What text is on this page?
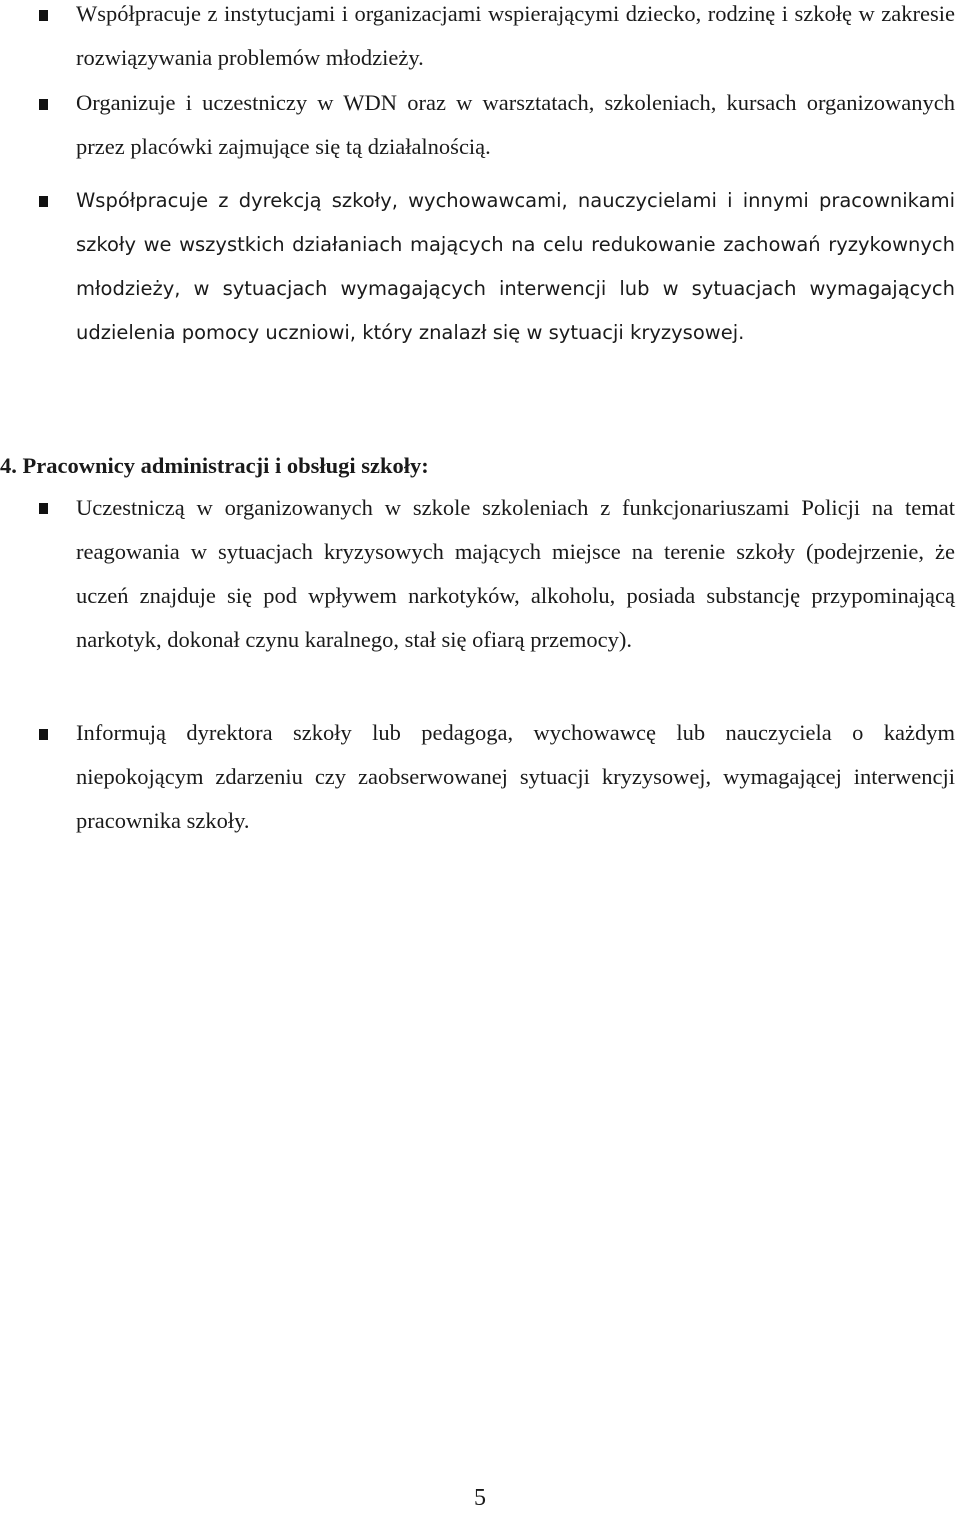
Współpracuje z instytucjami i organizacjami wspierającymi dziecko, rodzinę i szkołę w zakresie rozwiązywania problemów młodzieży.

Organizuje i uczestniczy w WDN oraz w warsztatach, szkoleniach, kursach organizowanych przez placówki zajmujące się tą działalnością.

Współpracuje z dyrekcją szkoły, wychowawcami, nauczycielami i innymi pracownikami szkoły we wszystkich działaniach mających na celu redukowanie zachowań ryzykownych młodzieży, w sytuacjach wymagających interwencji lub w sytuacjach wymagających udzielenia pomocy uczniowi, który znalazł się w sytuacji kryzysowej.

4. Pracownicy administracji i obsługi szkoły:

Uczestniczą w organizowanych w szkole szkoleniach z funkcjonariuszami Policji na temat reagowania w sytuacjach kryzysowych mających miejsce na terenie szkoły (podejrzenie, że uczeń znajduje się pod wpływem narkotyków, alkoholu, posiada substancję przypominającą narkotyk, dokonał czynu karalnego, stał się ofiarą przemocy).

Informują dyrektora szkoły lub pedagoga, wychowawcę lub nauczyciela o każdym niepokojącym zdarzeniu czy zaobserwowanej sytuacji kryzysowej, wymagającej interwencji pracownika szkoły.

5
